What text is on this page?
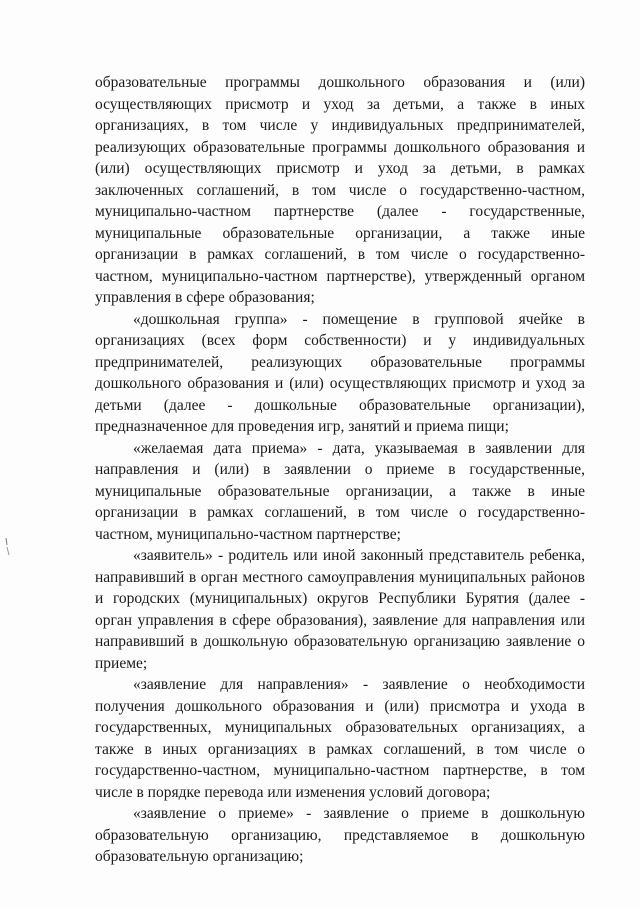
образовательные программы дошкольного образования и (или) осуществляющих присмотр и уход за детьми, а также в иных организациях, в том числе у индивидуальных предпринимателей, реализующих образовательные программы дошкольного образования и (или) осуществляющих присмотр и уход за детьми, в рамках заключенных соглашений, в том числе о государственно-частном, муниципально-частном партнерстве (далее - государственные, муниципальные образовательные организации, а также иные организации в рамках соглашений, в том числе о государственно-частном, муниципально-частном партнерстве), утвержденный органом управления в сфере образования;

«дошкольная группа» - помещение в групповой ячейке в организациях (всех форм собственности) и у индивидуальных предпринимателей, реализующих образовательные программы дошкольного образования и (или) осуществляющих присмотр и уход за детьми (далее - дошкольные образовательные организации), предназначенное для проведения игр, занятий и приема пищи;

«желаемая дата приема» - дата, указываемая в заявлении для направления и (или) в заявлении о приеме в государственные, муниципальные образовательные организации, а также в иные организации в рамках соглашений, в том числе о государственно-частном, муниципально-частном партнерстве;

«заявитель» - родитель или иной законный представитель ребенка, направивший в орган местного самоуправления муниципальных районов и городских (муниципальных) округов Республики Бурятия (далее - орган управления в сфере образования), заявление для направления или направивший в дошкольную образовательную организацию заявление о приеме;

«заявление для направления» - заявление о необходимости получения дошкольного образования и (или) присмотра и ухода в государственных, муниципальных образовательных организациях, а также в иных организациях в рамках соглашений, в том числе о государственно-частном, муниципально-частном партнерстве, в том числе в порядке перевода или изменения условий договора;

«заявление о приеме» - заявление о приеме в дошкольную образовательную организацию, представляемое в дошкольную образовательную организацию;
